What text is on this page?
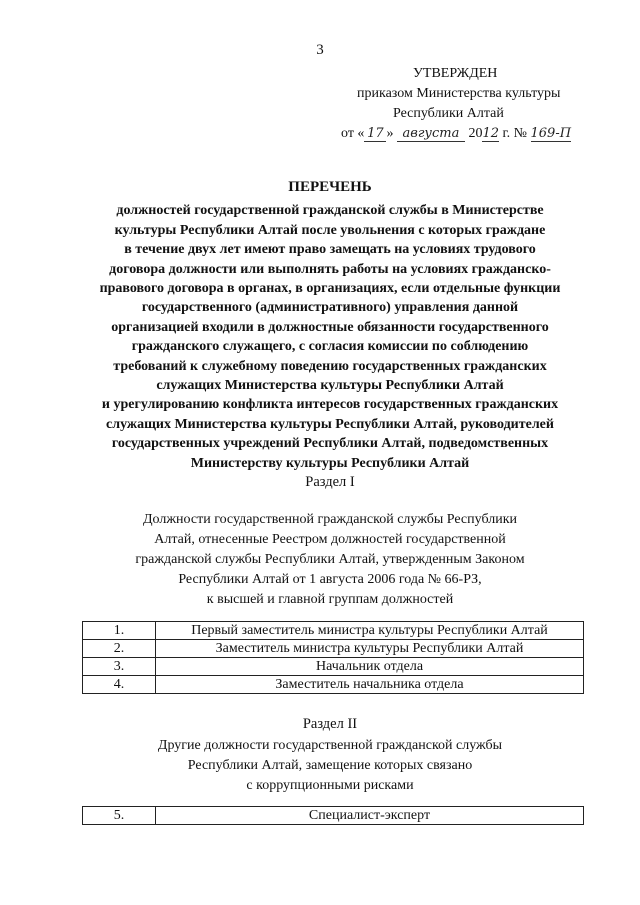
3
УТВЕРЖДЕН
приказом Министерства культуры
Республики Алтай
от « 17 » августа 2012 г. № 169-П
ПЕРЕЧЕНЬ
должностей государственной гражданской службы в Министерстве
культуры Республики Алтай после увольнения с которых граждане
в течение двух лет имеют право замещать на условиях трудового
договора должности или выполнять работы на условиях гражданско-
правового договора в органах, в организациях, если отдельные функции
государственного (административного) управления данной
организацией входили в должностные обязанности государственного
гражданского служащего, с согласия комиссии по соблюдению
требований к служебному поведению государственных гражданских
служащих Министерства культуры Республики Алтай
и урегулированию конфликта интересов государственных гражданских
служащих Министерства культуры Республики Алтай, руководителей
государственных учреждений Республики Алтай, подведомственных
Министерству культуры Республики Алтай
Раздел I
Должности государственной гражданской службы Республики
Алтай, отнесенные Реестром должностей государственной
гражданской службы Республики Алтай, утвержденным Законом
Республики Алтай от 1 августа 2006 года № 66-РЗ,
к высшей и главной группам должностей
1.	Первый заместитель министра культуры Республики Алтай
2.	Заместитель министра культуры Республики Алтай
3.	Начальник отдела
4.	Заместитель начальника отдела
Раздел II
Другие должности государственной гражданской службы
Республики Алтай, замещение которых связано
с коррупционными рисками
5.	Специалист-эксперт
